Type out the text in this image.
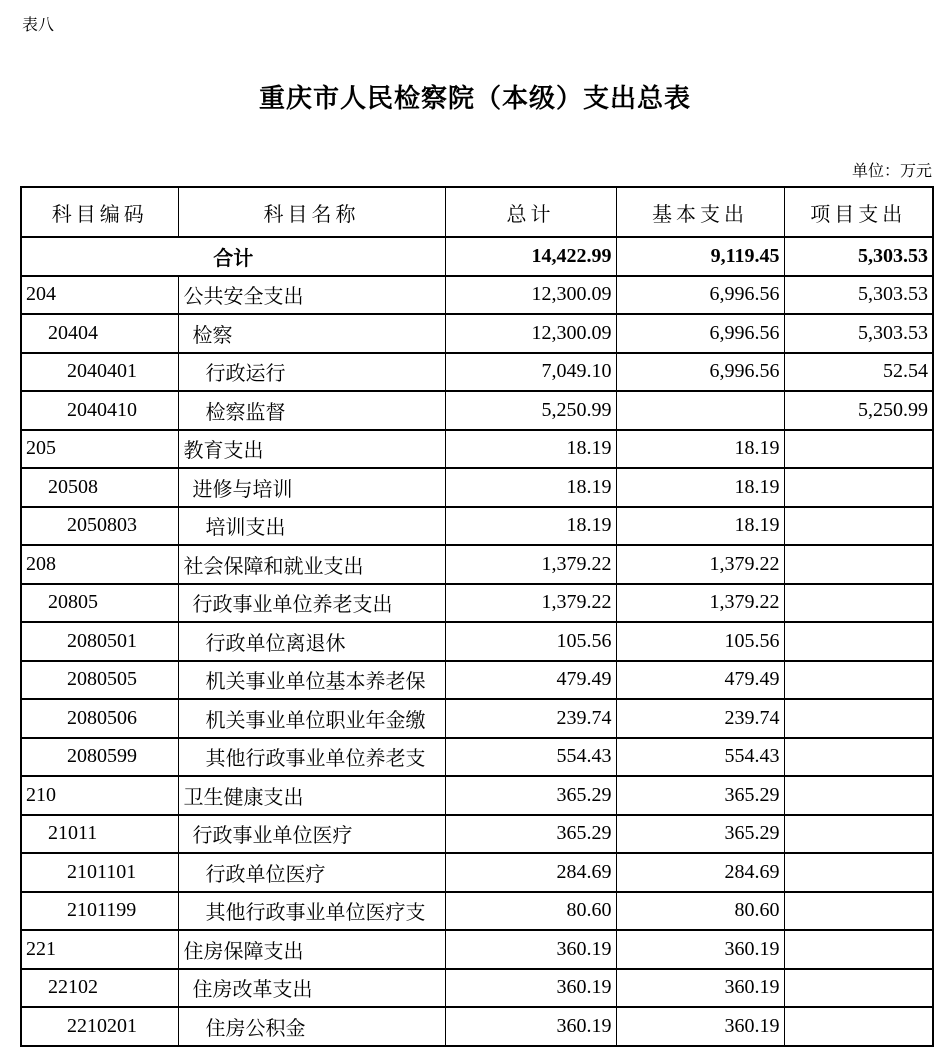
表八
重庆市人民检察院（本级）支出总表
单位：万元
科目编码	科目名称	总计	基本支出	项目支出
合计		14,422.99	9,119.45	5,303.53
204	公共安全支出	12,300.09	6,996.56	5,303.53
20404	检察	12,300.09	6,996.56	5,303.53
2040401	行政运行	7,049.10	6,996.56	52.54
2040410	检察监督	5,250.99		5,250.99
205	教育支出	18.19	18.19	
20508	进修与培训	18.19	18.19	
2050803	培训支出	18.19	18.19	
208	社会保障和就业支出	1,379.22	1,379.22	
20805	行政事业单位养老支出	1,379.22	1,379.22	
2080501	行政单位离退休	105.56	105.56	
2080505	机关事业单位基本养老保	479.49	479.49	
2080506	机关事业单位职业年金缴	239.74	239.74	
2080599	其他行政事业单位养老支	554.43	554.43	
210	卫生健康支出	365.29	365.29	
21011	行政事业单位医疗	365.29	365.29	
2101101	行政单位医疗	284.69	284.69	
2101199	其他行政事业单位医疗支	80.60	80.60	
221	住房保障支出	360.19	360.19	
22102	住房改革支出	360.19	360.19	
2210201	住房公积金	360.19	360.19	
